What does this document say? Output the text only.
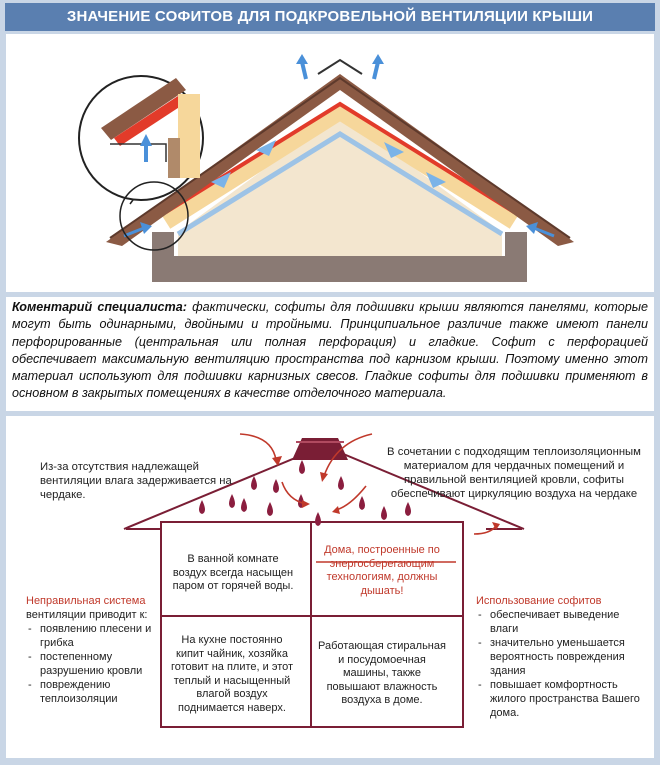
ЗНАЧЕНИЕ СОФИТОВ ДЛЯ ПОДКРОВЕЛЬНОЙ ВЕНТИЛЯЦИИ КРЫШИ
Коментарий специалиста: фактически, софиты для подшивки крыши являются панелями, которые могут быть одинарными, двойными и тройными. Принципиальное различие также имеют панели перфорированные (центральная или полная перфорация) и гладкие. Софит с перфорацией обеспечивает максимальную вентиляцию пространства под карнизом крыши. Поэтому именно этот материал используют для подшивки карнизных свесов. Гладкие софиты для подшивки применяют в основном в закрытых помещениях в качестве отделочного материала.
Из-за отсутствия надлежащей вентиляции влага задерживается на чердаке.
В сочетании с подходящим теплоизоляционным материалом для чердачных помещений и правильной вентиляцией кровли, софиты обеспечивают циркуляцию воздуха на чердаке
В ванной комнате воздух всегда насыщен паром от горячей воды.
Дома, построенные по энергосберегающим технологиям, должны дышать!
На кухне постоянно кипит чайник, хозяйка готовит на плите, и этот теплый и насыщенный влагой воздух поднимается наверх.
Работающая стиральная и посудомоечная машины, также повышают влажность воздуха в доме.
Неправильная система
вентиляции приводит к:
- появлению плесени и грибка
- постепенному разрушению кровли
- повреждению теплоизоляции
Использование софитов
- обеспечивает выведение влаги
- значительно уменьшается вероятность повреждения здания
- повышает комфортность жилого пространства Вашего дома.
